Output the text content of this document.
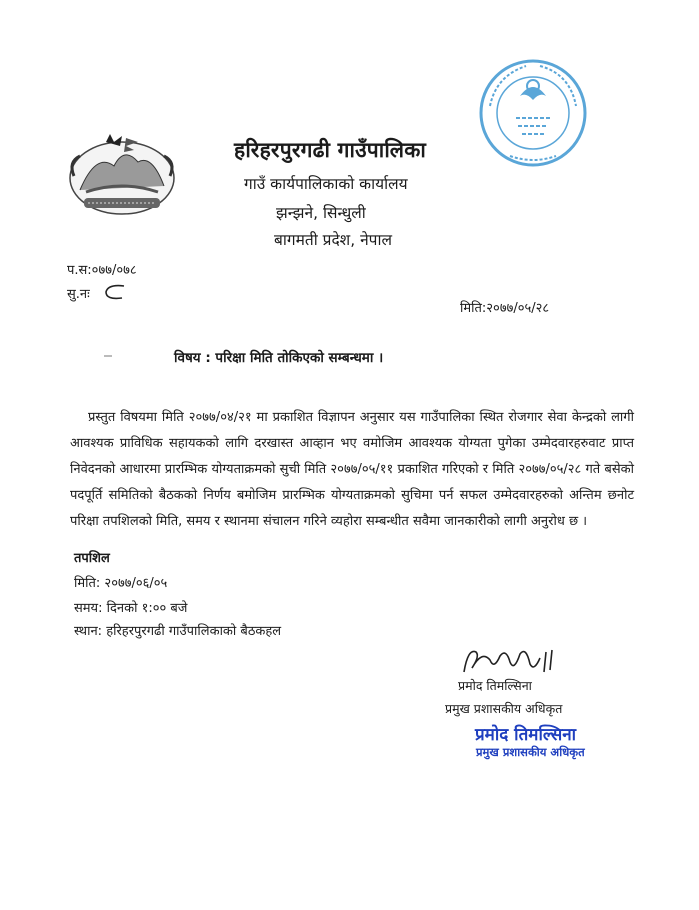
हरिहरपुरगढी गाउँपालिका
गाउँ कार्यपालिकाको कार्यालय
झन्झने, सिन्धुली
बागमती प्रदेश, नेपाल
प.स:०७७/०७८
सु.नः
मिति:२०७७/०५/२८
विषय : परिक्षा मिति तोकिएको सम्बन्धमा ।
प्रस्तुत विषयमा मिति २०७७/०४/२१ मा प्रकाशित विज्ञापन अनुसार यस गाउँपालिका स्थित रोजगार सेवा केन्द्रको लागी आवश्यक प्राविधिक सहायकको लागि दरखास्त आव्हान भए वमोजिम आवश्यक योग्यता पुगेका उम्मेदवारहरुवाट प्राप्त निवेदनको आधारमा प्रारम्भिक योग्यताक्रमको सुची मिति २०७७/०५/११ प्रकाशित गरिएको र मिति २०७७/०५/२८ गते बसेको पदपूर्ति समितिको बैठकको निर्णय बमोजिम प्रारम्भिक योग्यताक्रमको सुचिमा पर्न सफल उम्मेदवारहरुको अन्तिम छनोट परिक्षा तपशिलको मिति, समय र स्थानमा संचालन गरिने व्यहोरा सम्बन्धीत सवैमा जानकारीको लागी अनुरोध छ ।
तपशिल
मिति: २०७७/०६/०५
समय: दिनको १:०० बजे
स्थान: हरिहरपुरगढी गाउँपालिकाको बैठकहल
प्रमोद तिमल्सिना
प्रमुख प्रशासकीय अधिकृत
प्रमोद तिमल्सिना
प्रमुख प्रशासकीय अधिकृत
